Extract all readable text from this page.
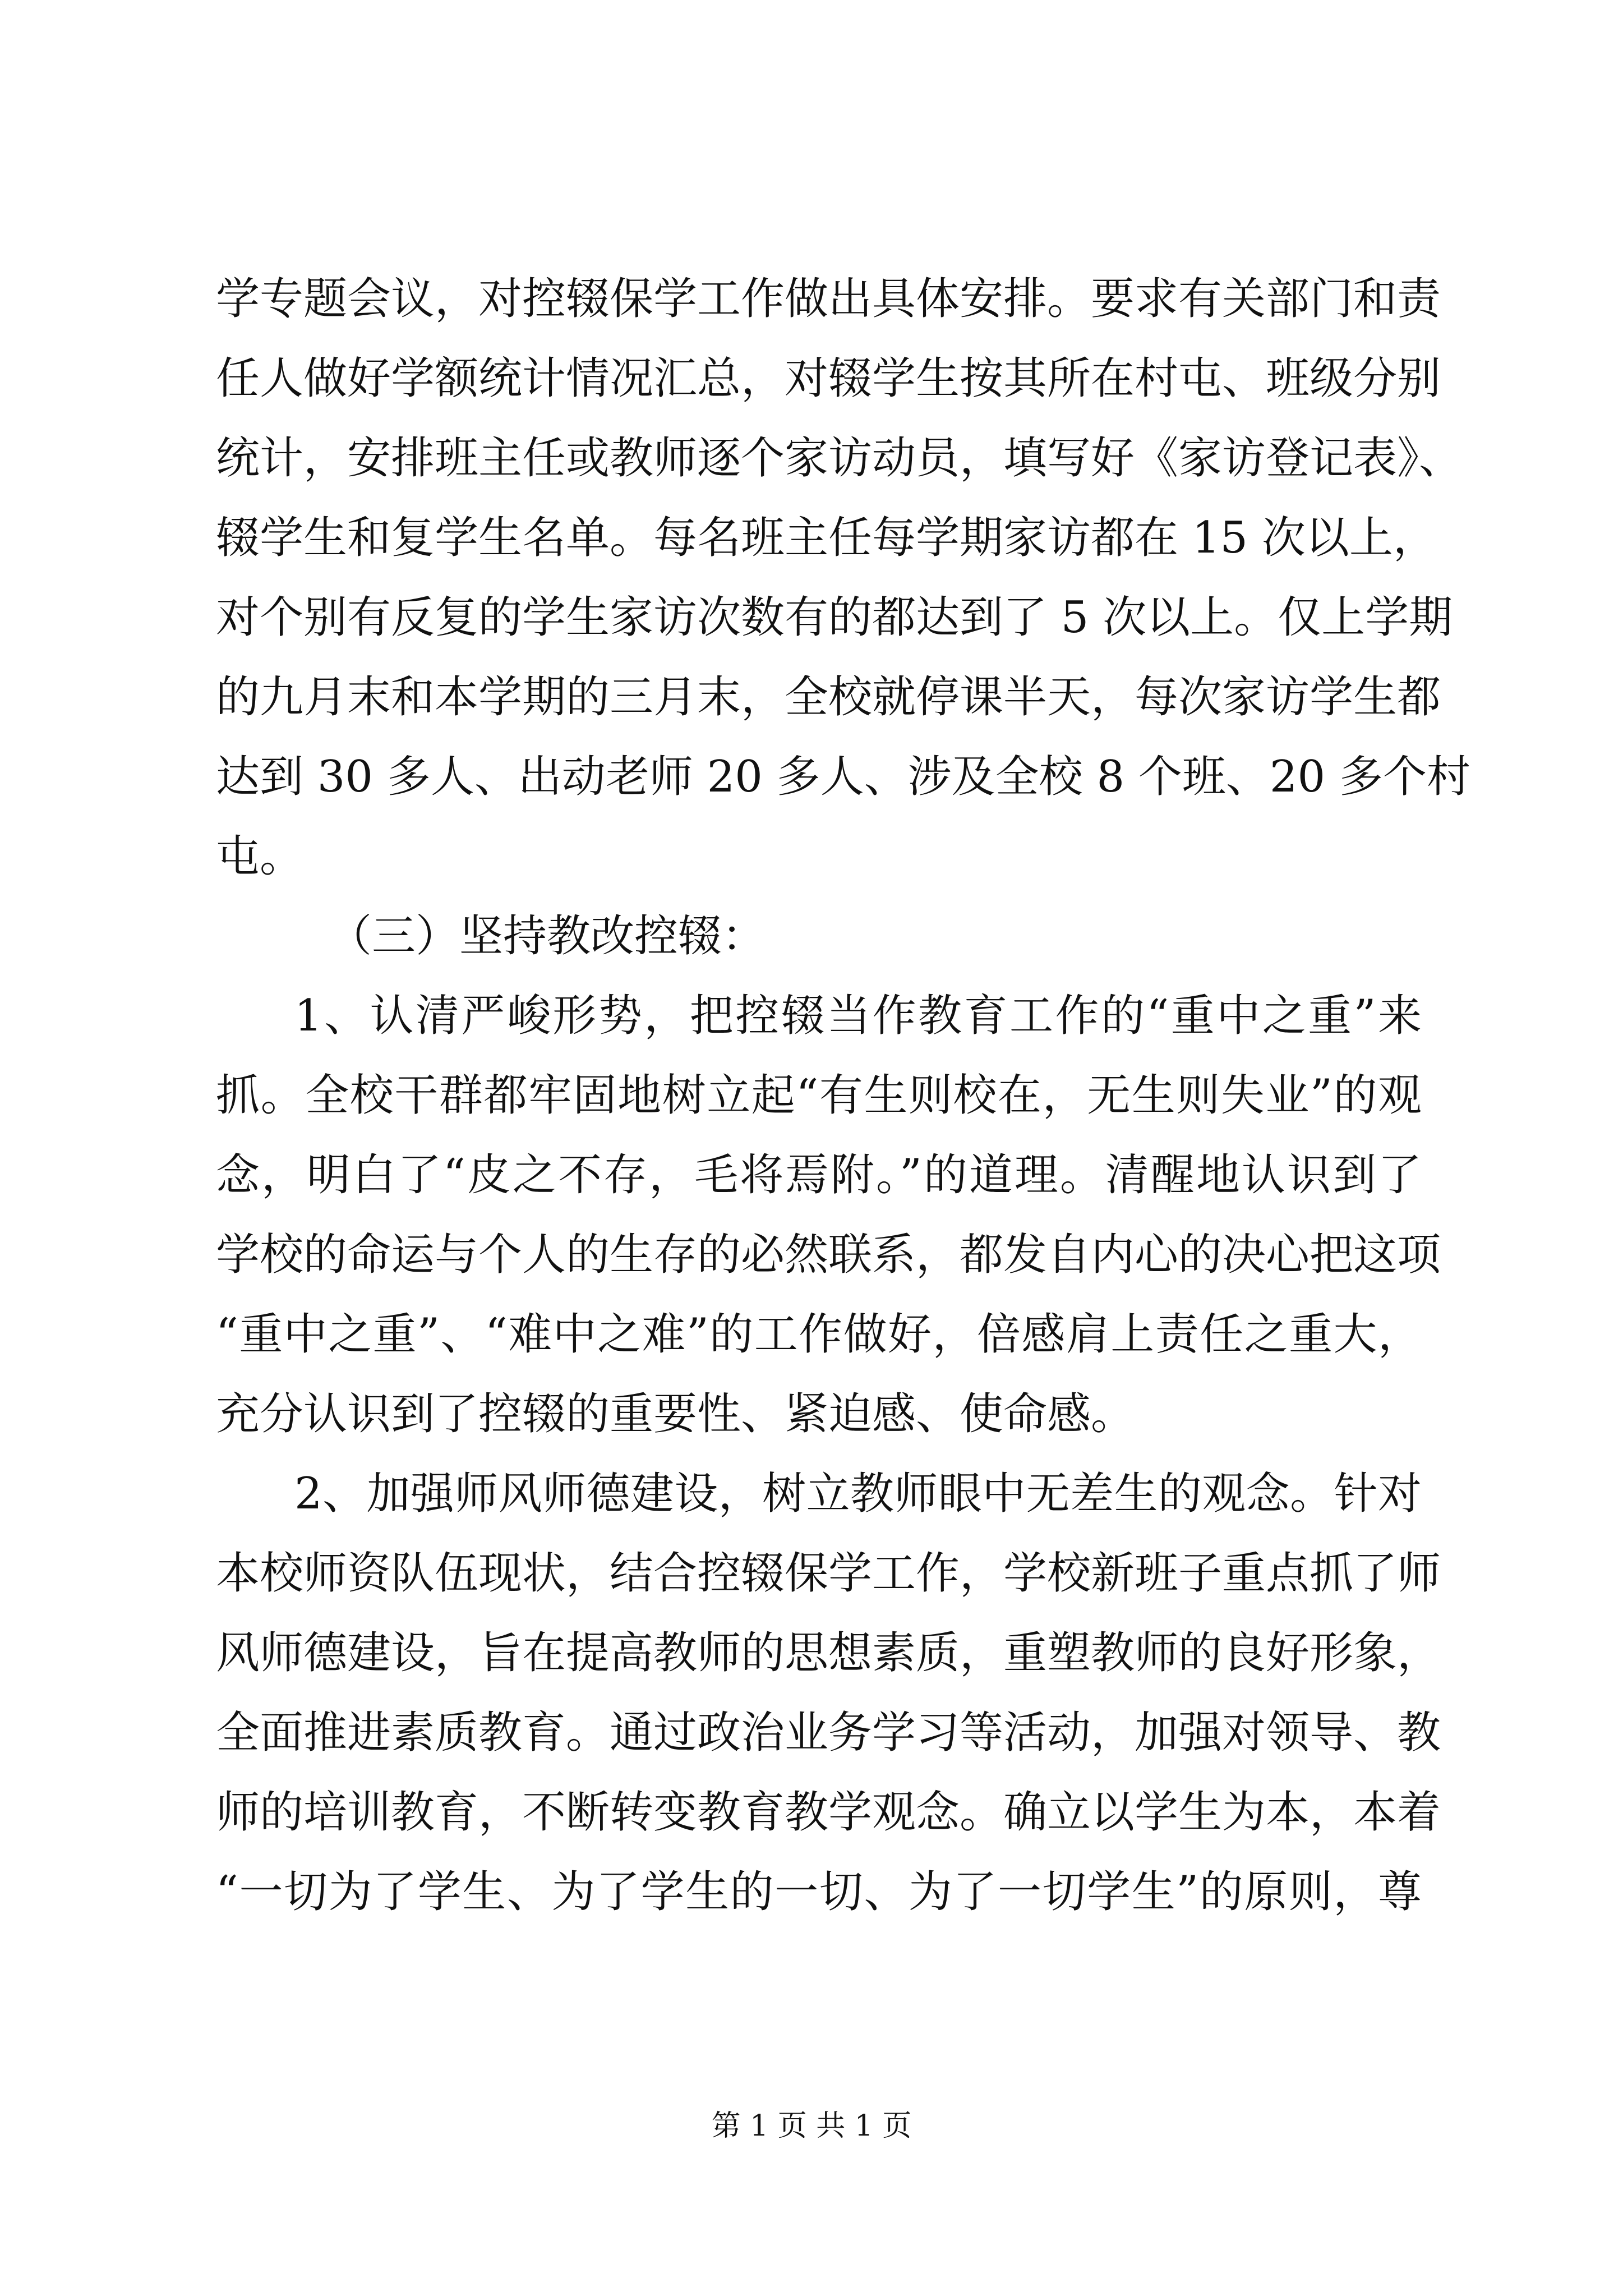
学专题会议，对控辍保学工作做出具体安排。要求有关部门和责
任人做好学额统计情况汇总，对辍学生按其所在村屯、班级分别
统计，安排班主任或教师逐个家访动员，填写好《家访登记表》、
辍学生和复学生名单。每名班主任每学期家访都在 15 次以上，
对个别有反复的学生家访次数有的都达到了 5 次以上。仅上学期
的九月末和本学期的三月末，全校就停课半天，每次家访学生都
达到 30 多人、出动老师 20 多人、涉及全校 8 个班、20 多个村
屯。
（三）坚持教改控辍：
1、认清严峻形势，把控辍当作教育工作的“重中之重”来
抓。全校干群都牢固地树立起“有生则校在，无生则失业”的观
念，明白了“皮之不存，毛将焉附。”的道理。清醒地认识到了
学校的命运与个人的生存的必然联系，都发自内心的决心把这项
“重中之重”、“难中之难”的工作做好，倍感肩上责任之重大，
充分认识到了控辍的重要性、紧迫感、使命感。
2、加强师风师德建设，树立教师眼中无差生的观念。针对
本校师资队伍现状，结合控辍保学工作，学校新班子重点抓了师
风师德建设，旨在提高教师的思想素质，重塑教师的良好形象，
全面推进素质教育。通过政治业务学习等活动，加强对领导、教
师的培训教育，不断转变教育教学观念。确立以学生为本，本着
“一切为了学生、为了学生的一切、为了一切学生”的原则，尊
第 1 页 共 1 页
